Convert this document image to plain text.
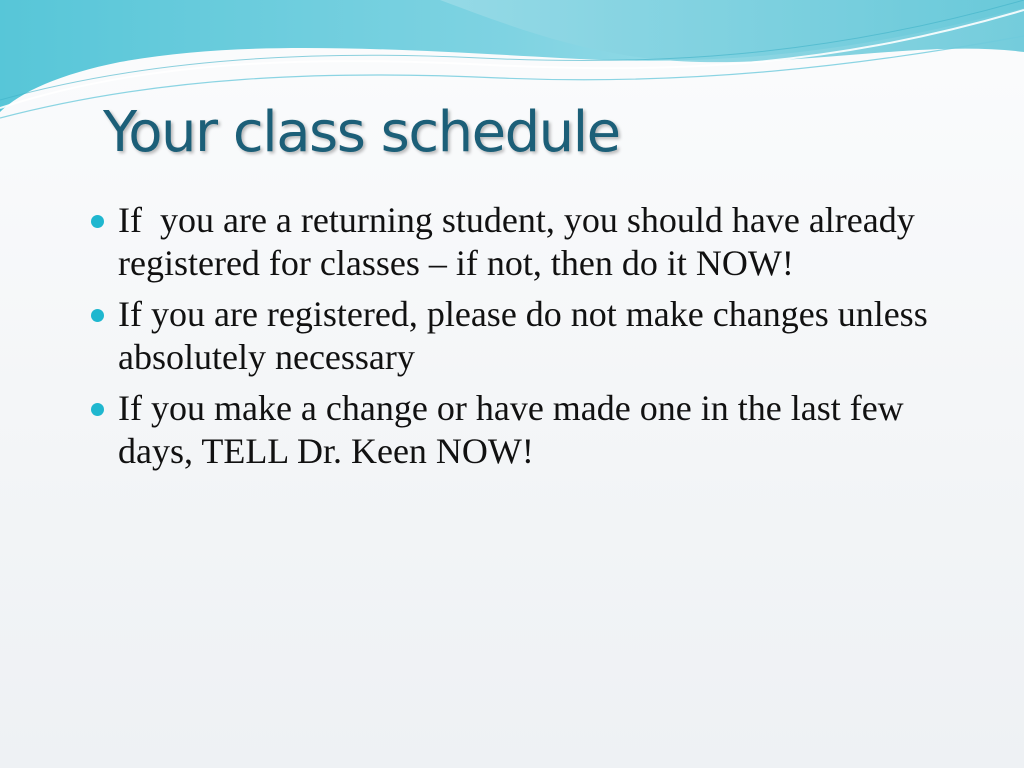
Your class schedule
If  you are a returning student, you should have already registered for classes – if not, then do it NOW!
If you are registered, please do not make changes unless absolutely necessary
If you make a change or have made one in the last few days, TELL Dr. Keen NOW!
